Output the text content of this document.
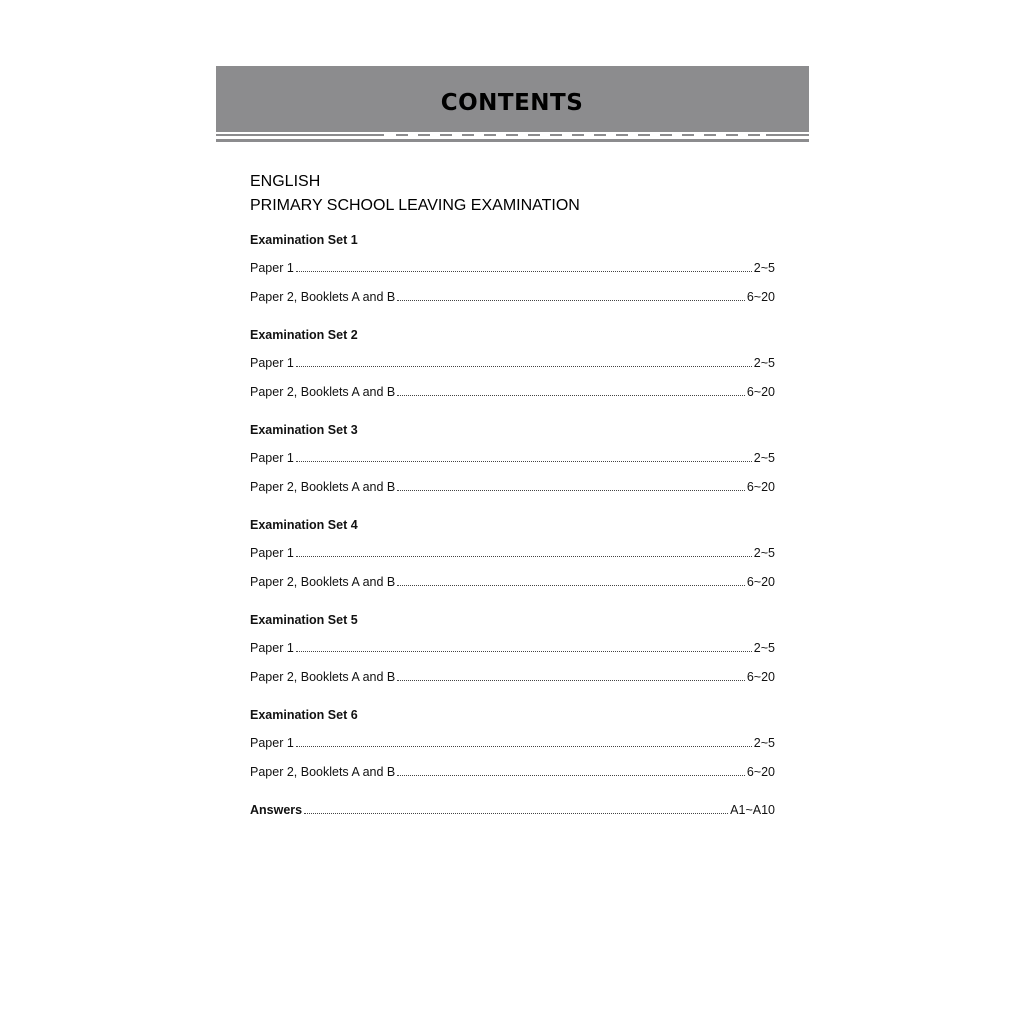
CONTENTS

ENGLISH

PRIMARY SCHOOL LEAVING EXAMINATION

Examination Set 1

Paper 1	2~5
Paper 2, Booklets A and B	6~20

Examination Set 2

Paper 1	2~5
Paper 2, Booklets A and B	6~20

Examination Set 3

Paper 1	2~5
Paper 2, Booklets A and B	6~20

Examination Set 4

Paper 1	2~5
Paper 2, Booklets A and B	6~20

Examination Set 5

Paper 1	2~5
Paper 2, Booklets A and B	6~20

Examination Set 6

Paper 1	2~5
Paper 2, Booklets A and B	6~20
Answers	A1~A10
